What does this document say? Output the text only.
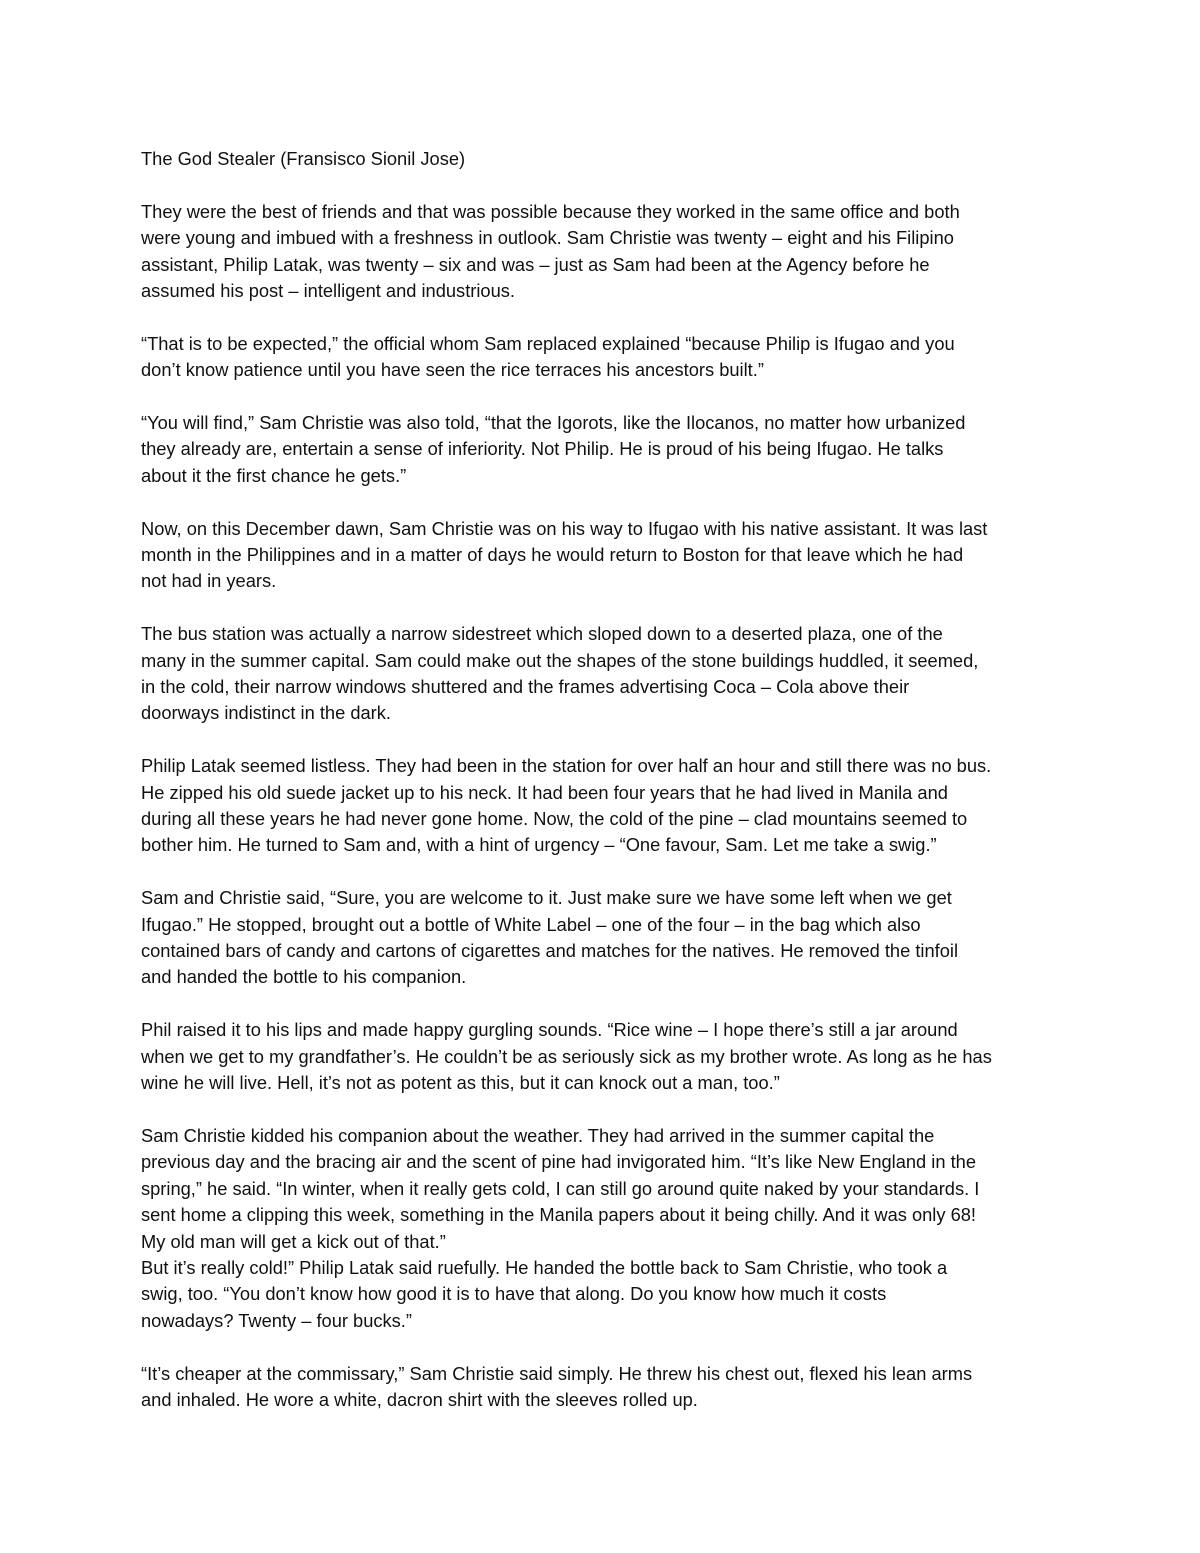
The God Stealer (Fransisco Sionil Jose)
They were the best of friends and that was possible because they worked in the same office and both
were young and imbued with a freshness in outlook. Sam Christie was twenty – eight and his Filipino
assistant, Philip Latak, was twenty – six and was – just as Sam had been at the Agency before he
assumed his post – intelligent and industrious.
“That is to be expected,” the official whom Sam replaced explained “because Philip is Ifugao and you
don’t know patience until you have seen the rice terraces his ancestors built.”
“You will find,” Sam Christie was also told, “that the Igorots, like the Ilocanos, no matter how urbanized
they already are, entertain a sense of inferiority. Not Philip. He is proud of his being Ifugao. He talks
about it the first chance he gets.”
Now, on this December dawn, Sam Christie was on his way to Ifugao with his native assistant. It was last
month in the Philippines and in a matter of days he would return to Boston for that leave which he had
not had in years.
The bus station was actually a narrow sidestreet which sloped down to a deserted plaza, one of the
many in the summer capital. Sam could make out the shapes of the stone buildings huddled, it seemed,
in the cold, their narrow windows shuttered and the frames advertising Coca – Cola above their
doorways indistinct in the dark.
Philip Latak seemed listless. They had been in the station for over half an hour and still there was no bus.
He zipped his old suede jacket up to his neck. It had been four years that he had lived in Manila and
during all these years he had never gone home. Now, the cold of the pine – clad mountains seemed to
bother him. He turned to Sam and, with a hint of urgency – “One favour, Sam. Let me take a swig.”
Sam and Christie said, “Sure, you are welcome to it. Just make sure we have some left when we get
Ifugao.” He stopped, brought out a bottle of White Label – one of the four – in the bag which also
contained bars of candy and cartons of cigarettes and matches for the natives. He removed the tinfoil
and handed the bottle to his companion.
Phil raised it to his lips and made happy gurgling sounds. “Rice wine – I hope there’s still a jar around
when we get to my grandfather’s. He couldn’t be as seriously sick as my brother wrote. As long as he has
wine he will live. Hell, it’s not as potent as this, but it can knock out a man, too.”
Sam Christie kidded his companion about the weather. They had arrived in the summer capital the
previous day and the bracing air and the scent of pine had invigorated him. “It’s like New England in the
spring,” he said. “In winter, when it really gets cold, I can still go around quite naked by your standards. I
sent home a clipping this week, something in the Manila papers about it being chilly. And it was only 68!
My old man will get a kick out of that.”
But it’s really cold!” Philip Latak said ruefully. He handed the bottle back to Sam Christie, who took a
swig, too. “You don’t know how good it is to have that along. Do you know how much it costs
nowadays? Twenty – four bucks.”
“It’s cheaper at the commissary,” Sam Christie said simply. He threw his chest out, flexed his lean arms
and inhaled. He wore a white, dacron shirt with the sleeves rolled up.
